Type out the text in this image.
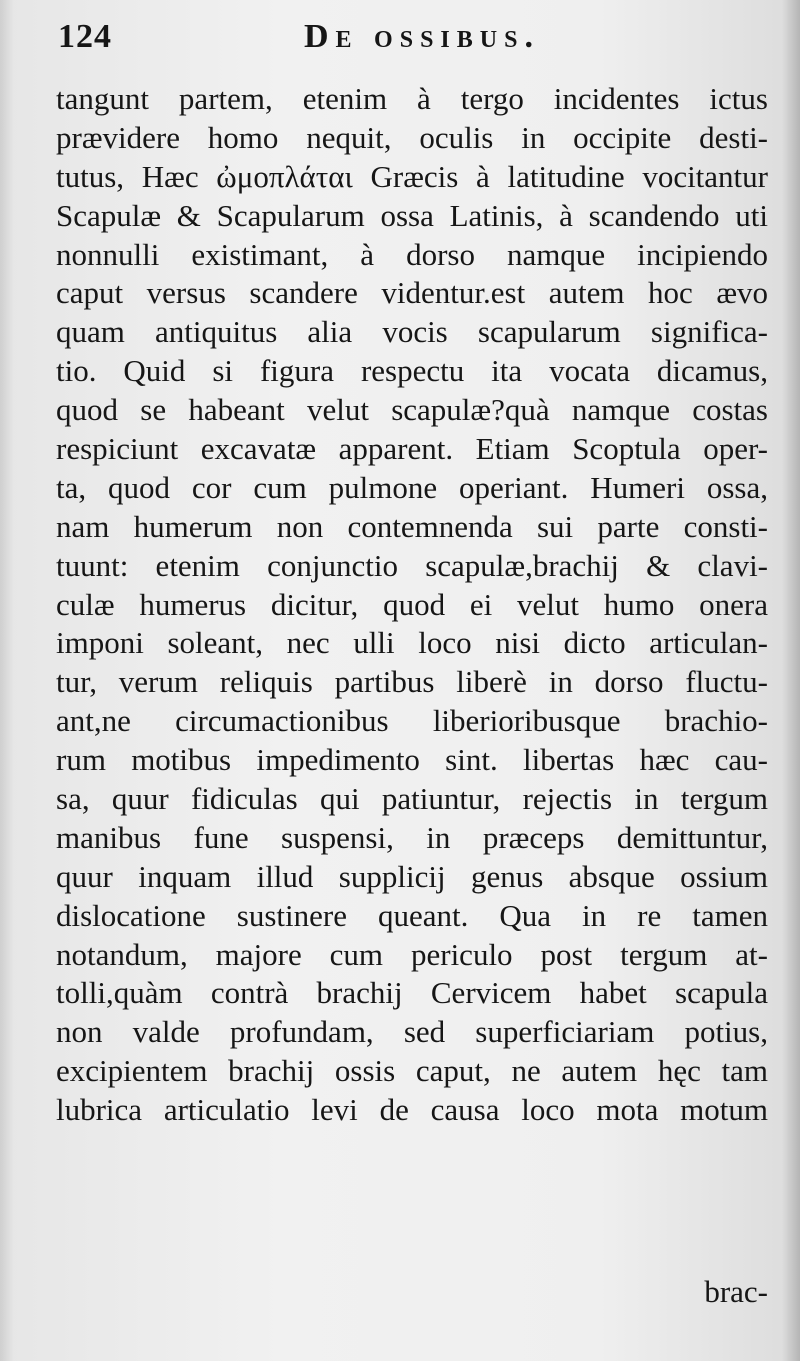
124	De ossibus.
tangunt partem, etenim à tergo incidentes ictus
prævidere homo nequit, oculis in occipite desti-
tutus, Hæc ὠμοπλάται Græcis à latitudine vocitantur
Scapulæ & Scapularum ossa Latinis, à scandendo uti
nonnulli existimant, à dorso namque incipiendo
caput versus scandere videntur.est autem hoc ævo
quam antiquitus alia vocis scapularum significa-
tio. Quid si figura respectu ita vocata dicamus,
quod se habeant velut scapulæ?quà namque costas
respiciunt excavatæ apparent. Etiam Scoptula oper-
ta, quod cor cum pulmone operiant. Humeri ossa,
nam humerum non contemnenda sui parte consti-
tuunt: etenim conjunctio scapulæ,brachij & clavi-
culæ humerus dicitur, quod ei velut humo onera
imponi soleant, nec ulli loco nisi dicto articulan-
tur, verum reliquis partibus liberè in dorso fluctu-
ant,ne circumactionibus liberioribusque brachio-
rum motibus impedimento sint. libertas hæc cau-
sa, quur fidiculas qui patiuntur, rejectis in tergum
manibus fune suspensi, in præceps demittuntur,
quur inquam illud supplicij genus absque ossium
dislocatione sustinere queant. Qua in re tamen
notandum, majore cum periculo post tergum at-
tolli,quàm contrà brachij Cervicem habet scapula
non valde profundam, sed superficiariam potius,
excipientem brachij ossis caput, ne autem hęc tam
lubrica articulatio levi de causa loco mota motum
brac-
